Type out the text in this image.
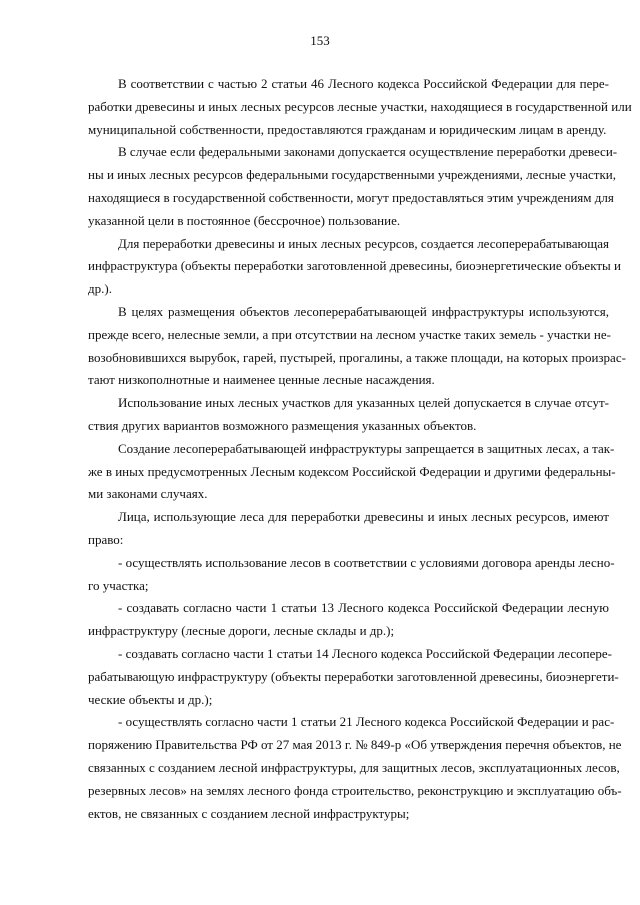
153
В соответствии с частью 2 статьи 46 Лесного кодекса Российской Федерации для пере-
работки древесины и иных лесных ресурсов лесные участки, находящиеся в государственной или
муниципальной собственности, предоставляются гражданам и юридическим лицам в аренду.
В случае если федеральными законами допускается осуществление переработки древеси-
ны и иных лесных ресурсов федеральными государственными учреждениями, лесные участки,
находящиеся в государственной собственности, могут предоставляться этим учреждениям для
указанной цели в постоянное (бессрочное) пользование.
Для переработки древесины и иных лесных ресурсов, создается лесоперерабатывающая
инфраструктура (объекты переработки заготовленной древесины, биоэнергетические объекты и
др.).
В целях размещения объектов лесоперерабатывающей инфраструктуры используются,
прежде всего, нелесные земли, а при отсутствии на лесном участке таких земель - участки не-
возобновившихся вырубок, гарей, пустырей, прогалины, а также площади, на которых произрас-
тают низкополнотные и наименее ценные лесные насаждения.
Использование иных лесных участков для указанных целей допускается в случае отсут-
ствия других вариантов возможного размещения указанных объектов.
Создание лесоперерабатывающей инфраструктуры запрещается в защитных лесах, а так-
же в иных предусмотренных Лесным кодексом Российской Федерации и другими федеральны-
ми законами случаях.
Лица, использующие леса для переработки древесины и иных лесных ресурсов, имеют
право:
- осуществлять использование лесов в соответствии с условиями договора аренды лесно-
го участка;
- создавать согласно части 1 статьи 13 Лесного кодекса Российской Федерации лесную
инфраструктуру (лесные дороги, лесные склады и др.);
- создавать согласно части 1 статьи 14 Лесного кодекса Российской Федерации лесопере-
рабатывающую инфраструктуру (объекты переработки заготовленной древесины, биоэнергети-
ческие объекты и др.);
- осуществлять согласно части 1 статьи 21 Лесного кодекса Российской Федерации и рас-
поряжению Правительства РФ от 27 мая 2013 г. № 849-р «Об утверждения перечня объектов, не
связанных с созданием лесной инфраструктуры, для защитных лесов, эксплуатационных лесов,
резервных лесов» на землях лесного фонда строительство, реконструкцию и эксплуатацию объ-
ектов, не связанных с созданием лесной инфраструктуры;
